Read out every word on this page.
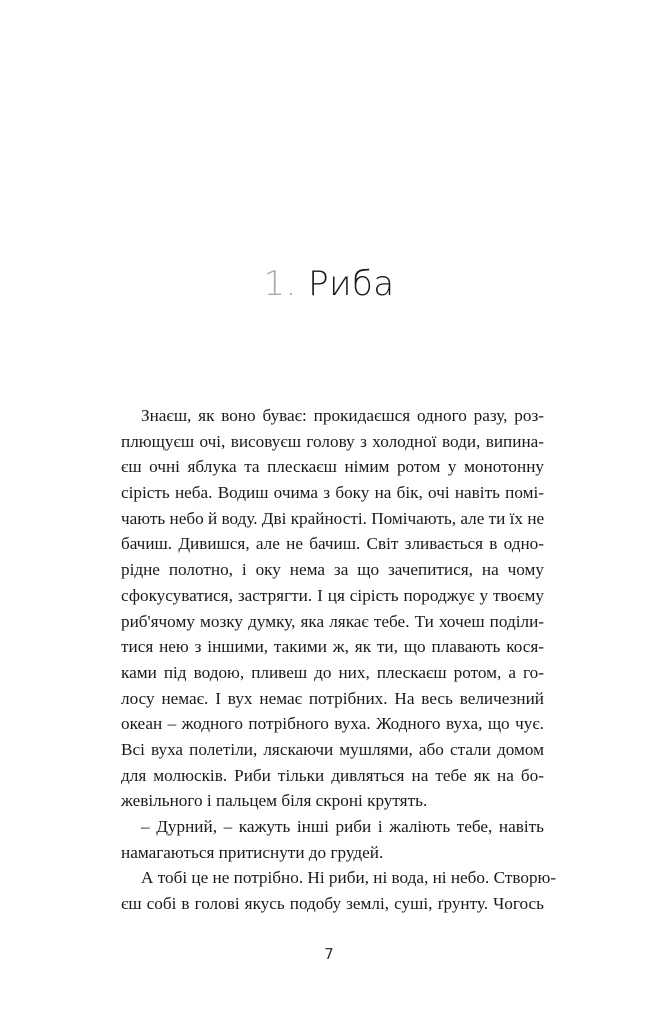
1. Риба
Знаєш, як воно буває: прокидаєшся одного разу, роз-
плющуєш очі, висовуєш голову з холодної води, випина-
єш очні яблука та плескаєш німим ротом у монотонну
сірість неба. Водиш очима з боку на бік, очі навіть помі-
чають небо й воду. Дві крайності. Помічають, але ти їх не
бачиш. Дивишся, але не бачиш. Світ зливається в одно-
рідне полотно, і оку нема за що зачепитися, на чому
сфокусуватися, застрягти. І ця сірість породжує у твоєму
риб'ячому мозку думку, яка лякає тебе. Ти хочеш поділи-
тися нею з іншими, такими ж, як ти, що плавають кося-
ками під водою, пливеш до них, плескаєш ротом, а го-
лосу немає. І вух немає потрібних. На весь величезний
океан – жодного потрібного вуха. Жодного вуха, що чує.
Всі вуха полетіли, ляскаючи мушлями, або стали домом
для молюсків. Риби тільки дивляться на тебе як на бо-
жевільного і пальцем біля скроні крутять.
– Дурний, – кажуть інші риби і жаліють тебе, навіть
намагаються притиснути до грудей.
А тобі це не потрібно. Ні риби, ні вода, ні небо. Створю-
єш собі в голові якусь подобу землі, суші, ґрунту. Чогось
7
